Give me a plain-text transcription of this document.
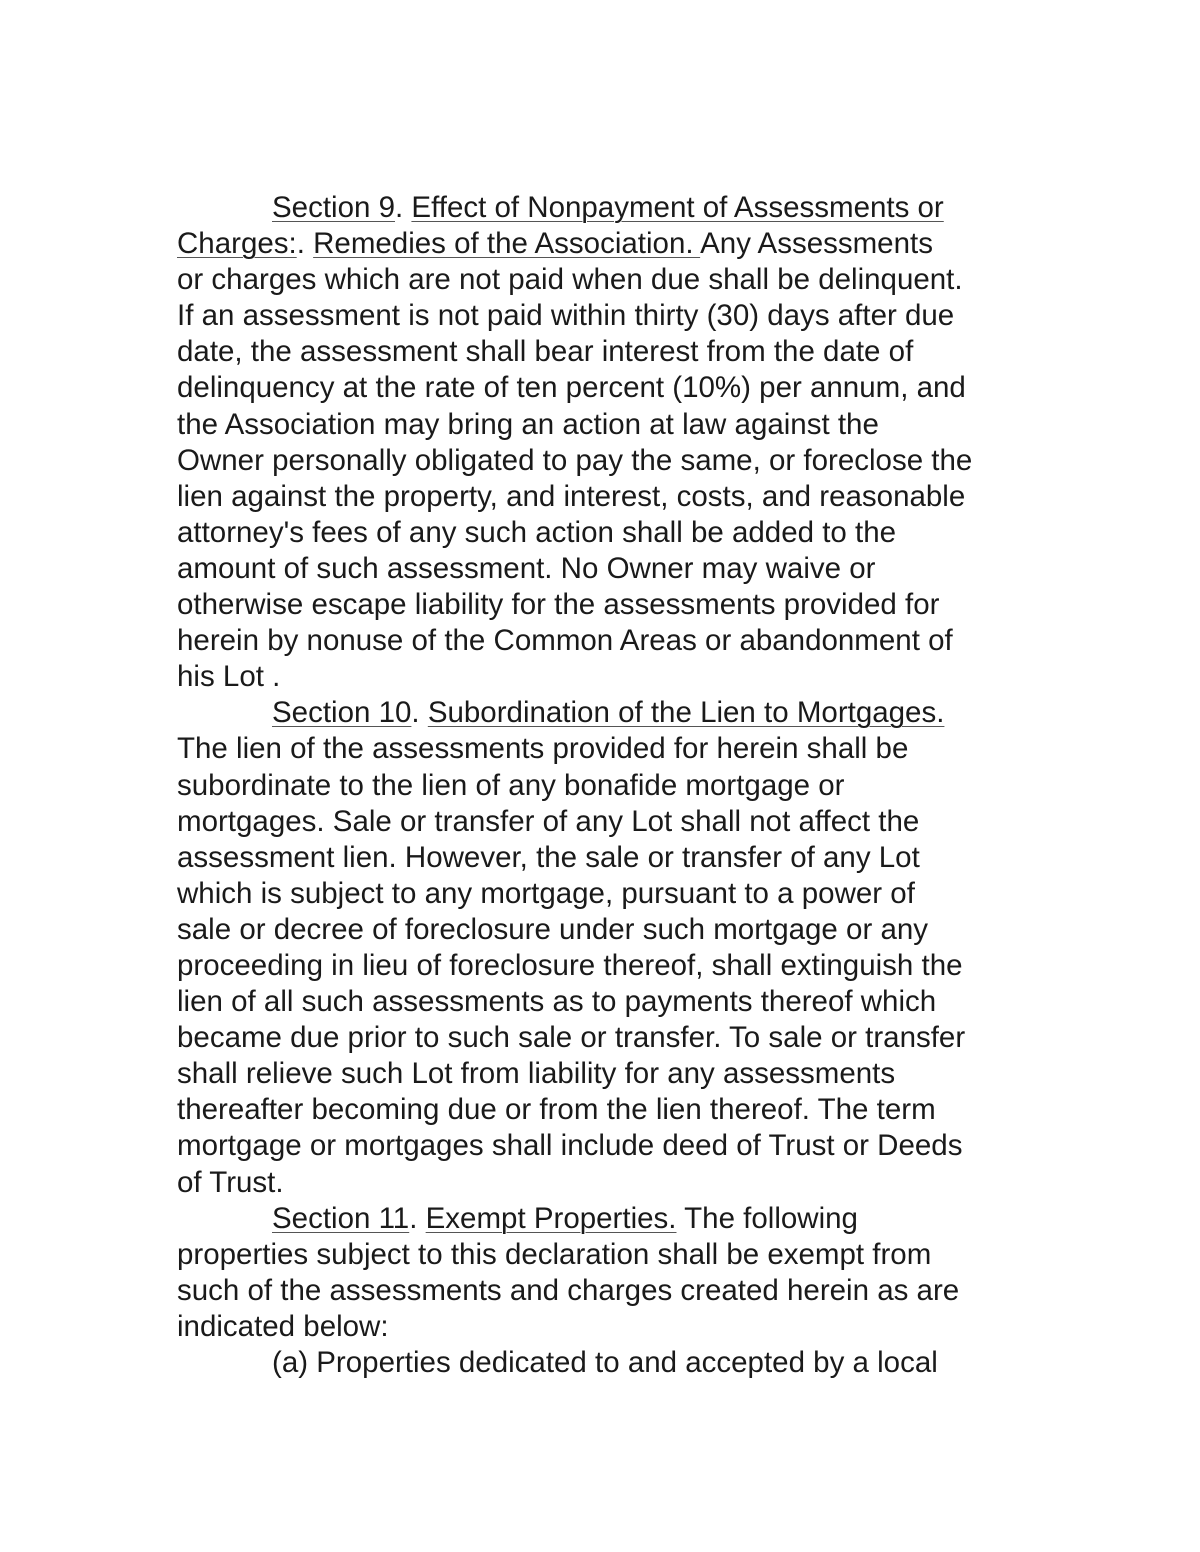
Section 9. Effect of Nonpayment of Assessments or
Charges:. Remedies of the Association. Any Assessments
or charges which are not paid when due shall be delinquent.
If an assessment is not paid within thirty (30) days after due
date, the assessment shall bear interest from the date of
delinquency at the rate of ten percent (10%) per annum, and
the Association may bring an action at law against the
Owner personally obligated to pay the same, or foreclose the
lien against the property, and interest, costs, and reasonable
attorney's fees of any such action shall be added to the
amount of such assessment. No Owner may waive or
otherwise escape liability for the assessments provided for
herein by nonuse of the Common Areas or abandonment of
his Lot .
Section 10. Subordination of the Lien to Mortgages.
The lien of the assessments provided for herein shall be
subordinate to the lien of any bonafide mortgage or
mortgages. Sale or transfer of any Lot shall not affect the
assessment lien. However, the sale or transfer of any Lot
which is subject to any mortgage, pursuant to a power of
sale or decree of foreclosure under such mortgage or any
proceeding in lieu of foreclosure thereof, shall extinguish the
lien of all such assessments as to payments thereof which
became due prior to such sale or transfer. To sale or transfer
shall relieve such Lot from liability for any assessments
thereafter becoming due or from the lien thereof. The term
mortgage or mortgages shall include deed of Trust or Deeds
of Trust.
Section 11. Exempt Properties. The following
properties subject to this declaration shall be exempt from
such of the assessments and charges created herein as are
indicated below:
(a) Properties dedicated to and accepted by a local
